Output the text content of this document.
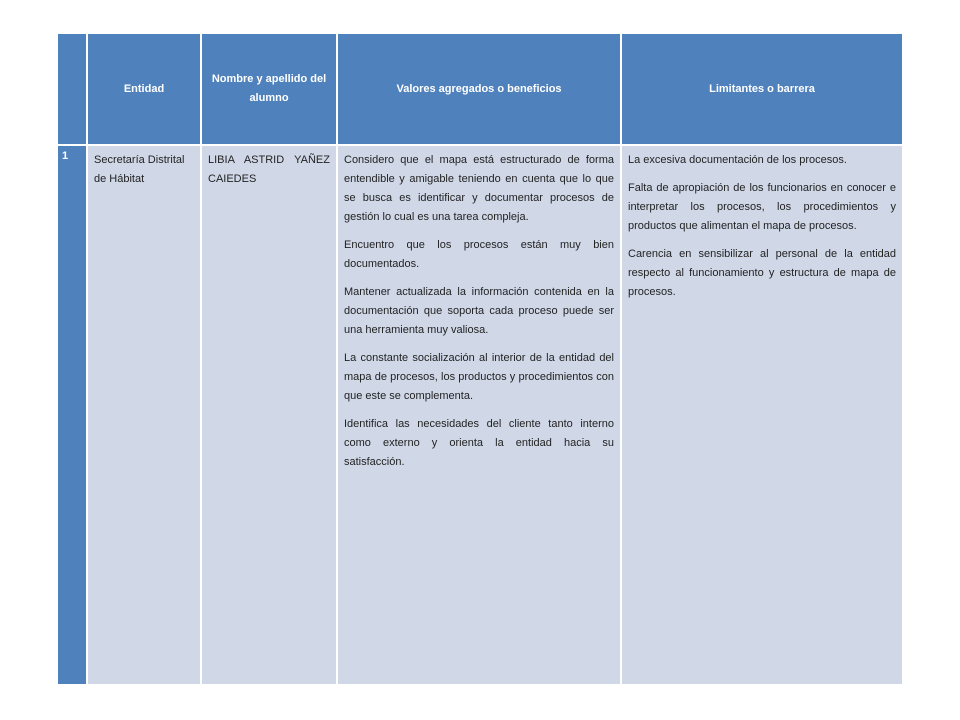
Entidad
Nombre y apellido del alumno
Valores agregados o beneficios	Limitantes o barrera
1	Secretaría Distrital de Hábitat
LIBIA ASTRID YAÑEZ CAIEDES

Considero que el mapa está estructurado de forma entendible y amigable teniendo en cuenta que lo que se busca es identificar y documentar procesos de gestión lo cual es una tarea compleja.

Encuentro que los procesos están muy bien documentados.

Mantener actualizada la información contenida en la documentación que soporta cada proceso puede ser una herramienta muy valiosa.

La constante socialización al interior de la entidad del mapa de procesos, los productos y procedimientos con que este se complementa.

Identifica las necesidades del cliente tanto interno como externo y orienta la entidad hacia su satisfacción.

La excesiva documentación de los procesos.

Falta de apropiación de los funcionarios en conocer e interpretar los procesos, los procedimientos y productos que alimentan el mapa de procesos.

Carencia en sensibilizar al personal de la entidad respecto al funcionamiento y estructura de mapa de procesos.
